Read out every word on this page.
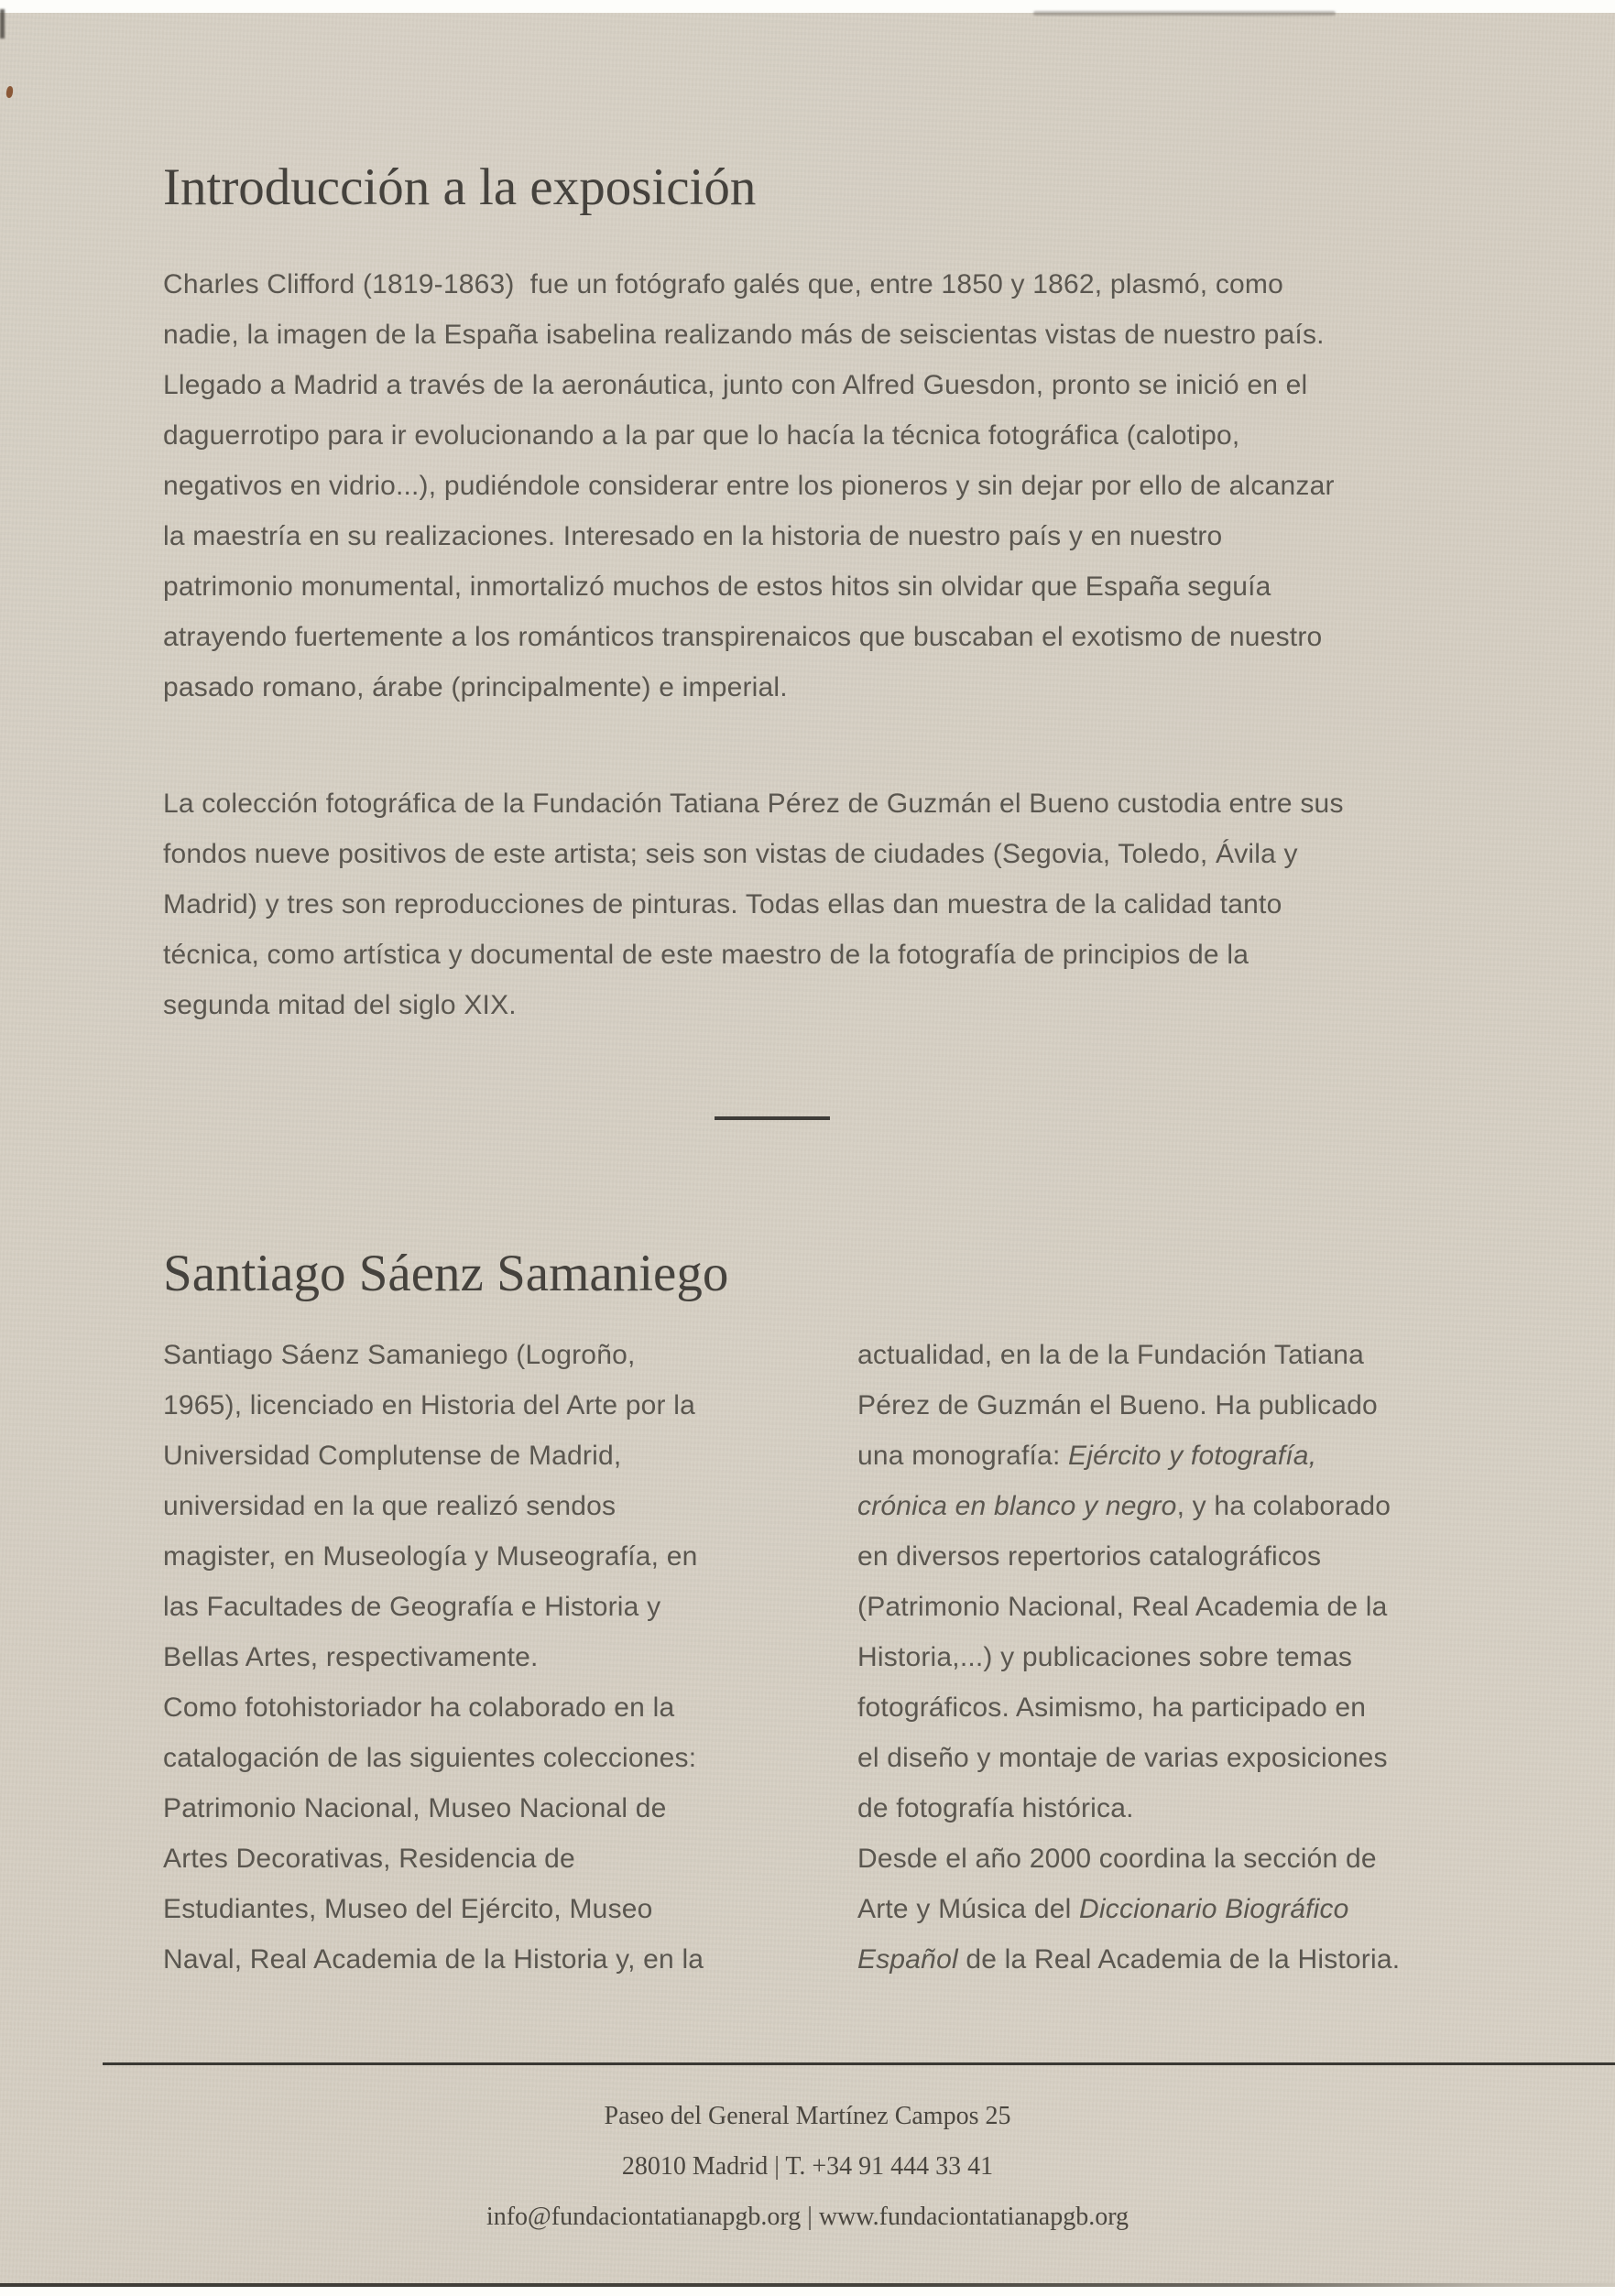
Introducción a la exposición
Charles Clifford (1819-1863)  fue un fotógrafo galés que, entre 1850 y 1862, plasmó, como
nadie, la imagen de la España isabelina realizando más de seiscientas vistas de nuestro país.
Llegado a Madrid a través de la aeronáutica, junto con Alfred Guesdon, pronto se inició en el
daguerrotipo para ir evolucionando a la par que lo hacía la técnica fotográfica (calotipo,
negativos en vidrio...), pudiéndole considerar entre los pioneros y sin dejar por ello de alcanzar
la maestría en su realizaciones. Interesado en la historia de nuestro país y en nuestro
patrimonio monumental, inmortalizó muchos de estos hitos sin olvidar que España seguía
atrayendo fuertemente a los románticos transpirenaicos que buscaban el exotismo de nuestro
pasado romano, árabe (principalmente) e imperial.
La colección fotográfica de la Fundación Tatiana Pérez de Guzmán el Bueno custodia entre sus
fondos nueve positivos de este artista; seis son vistas de ciudades (Segovia, Toledo, Ávila y
Madrid) y tres son reproducciones de pinturas. Todas ellas dan muestra de la calidad tanto
técnica, como artística y documental de este maestro de la fotografía de principios de la
segunda mitad del siglo XIX.
Santiago Sáenz Samaniego
Santiago Sáenz Samaniego (Logroño,
1965), licenciado en Historia del Arte por la
Universidad Complutense de Madrid,
universidad en la que realizó sendos
magister, en Museología y Museografía, en
las Facultades de Geografía e Historia y
Bellas Artes, respectivamente.
Como fotohistoriador ha colaborado en la
catalogación de las siguientes colecciones:
Patrimonio Nacional, Museo Nacional de
Artes Decorativas, Residencia de
Estudiantes, Museo del Ejército, Museo
Naval, Real Academia de la Historia y, en la
actualidad, en la de la Fundación Tatiana
Pérez de Guzmán el Bueno. Ha publicado
una monografía: Ejército y fotografía,
crónica en blanco y negro, y ha colaborado
en diversos repertorios catalográficos
(Patrimonio Nacional, Real Academia de la
Historia,...) y publicaciones sobre temas
fotográficos. Asimismo, ha participado en
el diseño y montaje de varias exposiciones
de fotografía histórica.
Desde el año 2000 coordina la sección de
Arte y Música del Diccionario Biográfico
Español de la Real Academia de la Historia.
Paseo del General Martínez Campos 25
28010 Madrid | T. +34 91 444 33 41
info@fundaciontatianapgb.org | www.fundaciontatianapgb.org
